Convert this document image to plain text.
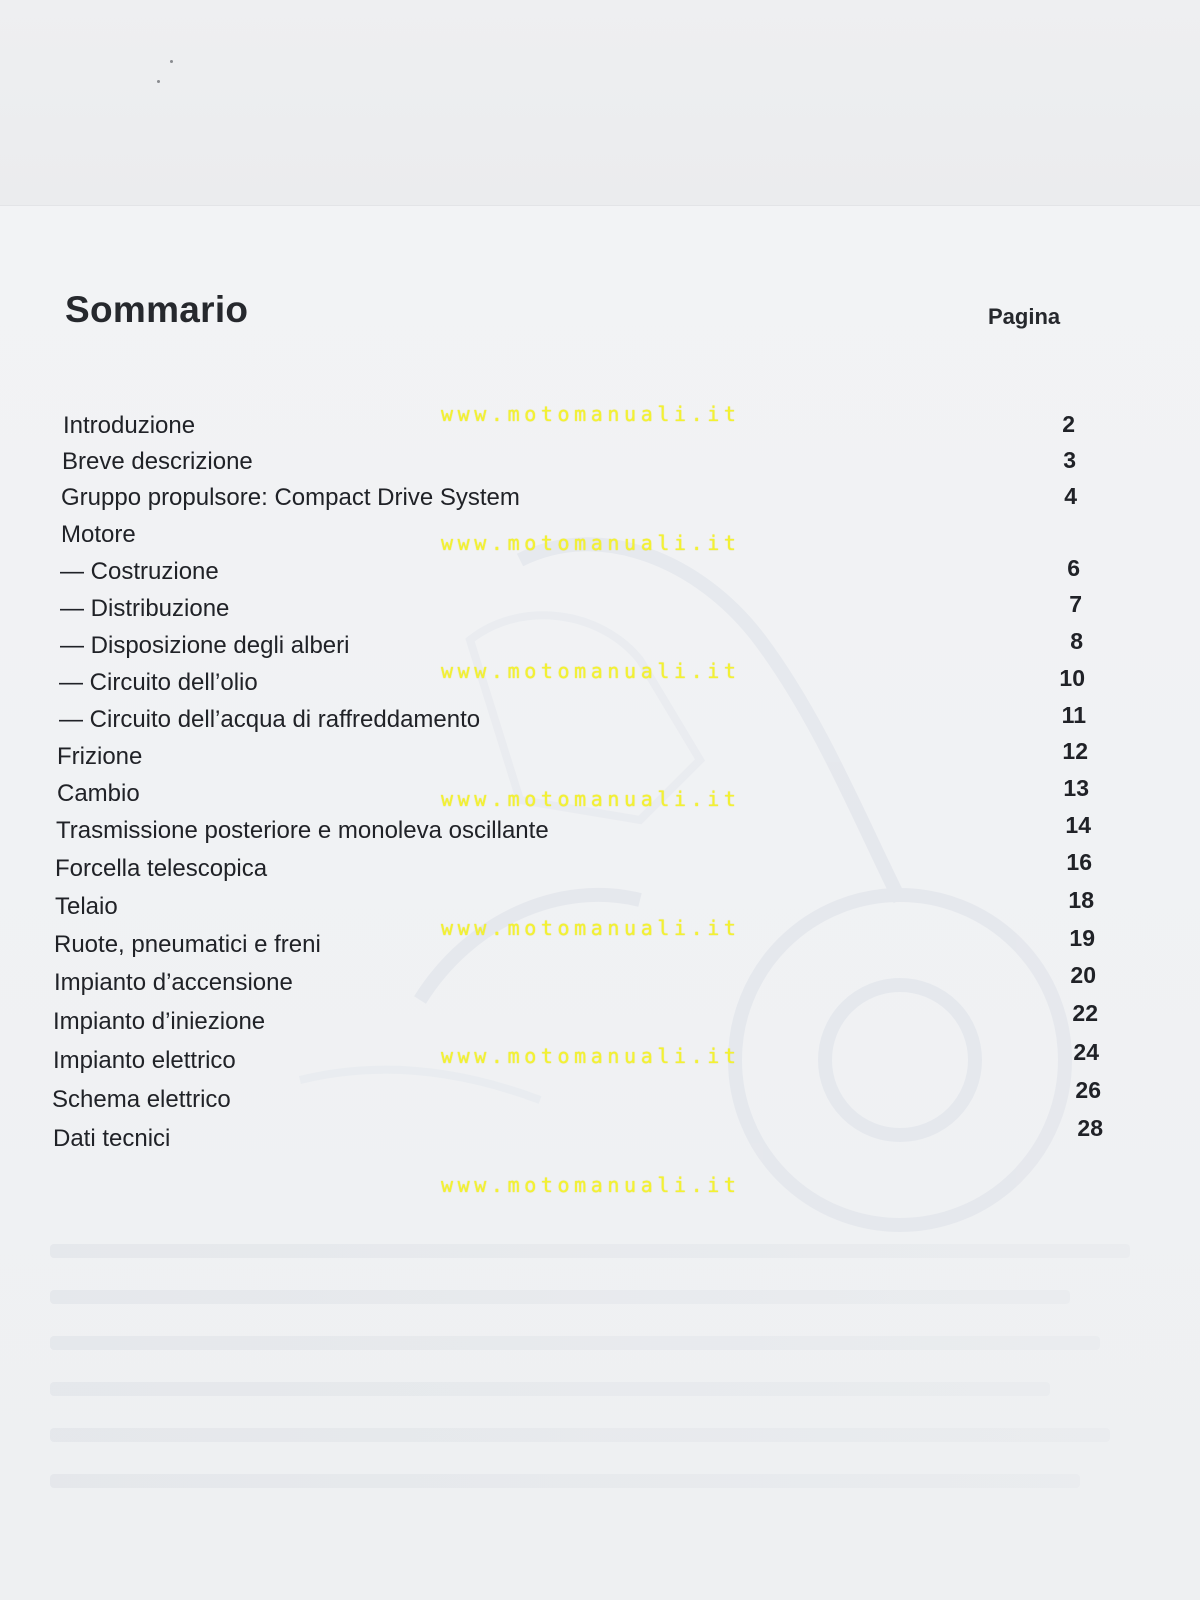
Sommario	Pagina
Introduzione	2
Breve descrizione	3
Gruppo propulsore: Compact Drive System	4
Motore
— Costruzione	6
— Distribuzione	7
— Disposizione degli alberi	8
— Circuito dell’olio	10
— Circuito dell’acqua di raffreddamento	11
Frizione	12
Cambio	13
Trasmissione posteriore e monoleva oscillante	14
Forcella telescopica	16
Telaio	18
Ruote, pneumatici e freni	19
Impianto d’accensione	20
Impianto d’iniezione	22
Impianto elettrico	24
Schema elettrico	26
Dati tecnici	28
www.motomanuali.it
www.motomanuali.it
www.motomanuali.it
www.motomanuali.it
www.motomanuali.it
www.motomanuali.it
www.motomanuali.it
